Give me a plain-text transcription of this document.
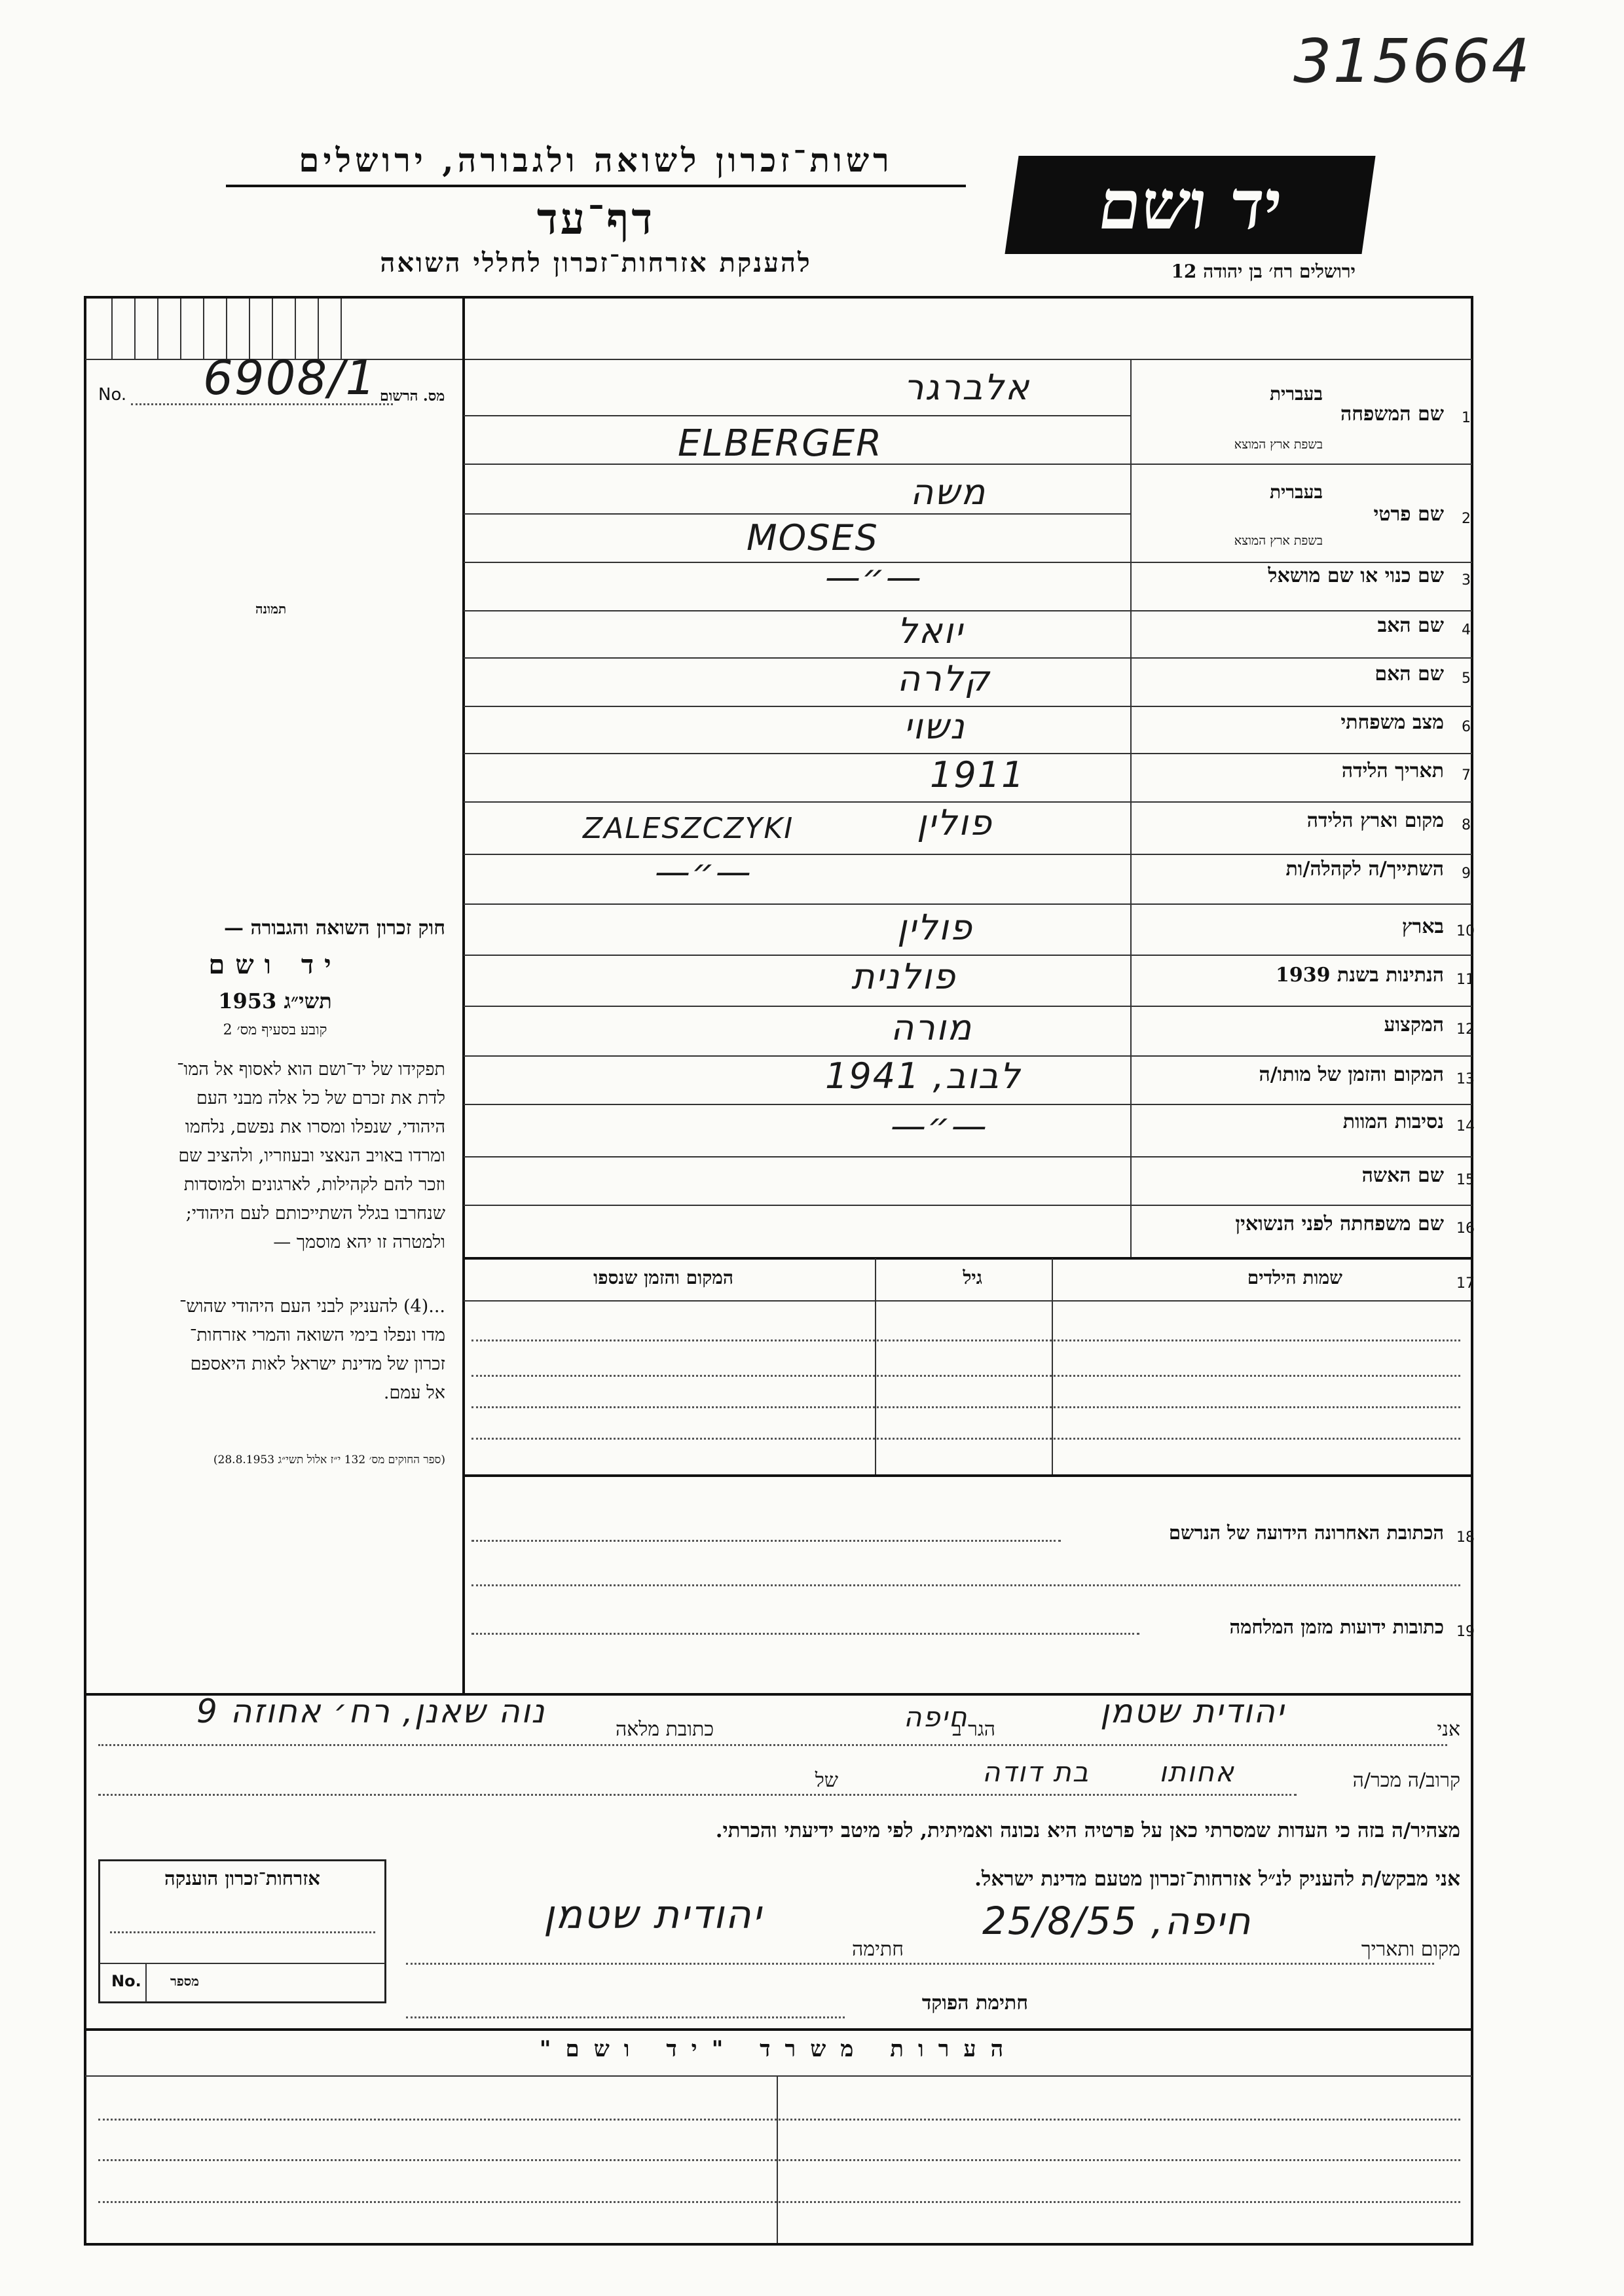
315664
רשות־זכרון לשואה ולגבורה, ירושלים
דף־עד
להענקת אזרחות־זכרון לחללי השואה
יד ושם
ירושלים רח׳ בן יהודה 12
No.	מס. הרשום
6908/1
תמונה
1
שם המשפחה
בעברית
בשפת ארץ המוצא
אלברגר
ELBERGER
2
שם פרטי
בעברית
בשפת ארץ המוצא
משה
MOSES
3
שם כנוי או שם מושאל
—״—
4
שם האב
יואל
5
שם האם
קלרה
6
מצב משפחתי
נשוי
7
תאריך הלידה
1911
8
מקום וארץ הלידה
פולין
ZALESZCZYKI
9
השתייך/ה לקהלה/ות
—״—
10
בארץ
פולין
11
הנתינות בשנת 1939
פולנית
12
המקצוע
מורה
13
המקום והזמן של מותו/ה
לבוב, 1941
14
נסיבות המוות
—״—
15
שם האשה
16
שם משפחתה לפני הנשואין
17
שמות הילדים
גיל
המקום והזמן שנספו
18
הכתובת האחרונה הידועה של הנרשם
19
כתובות ידועות מזמן המלחמה
חוק זכרון השואה והגבורה —
יד ושם
תשי״ג 1953
קובע בסעיף מס׳ 2
תפקידו של יד־ושם הוא לאסוף אל המו־
לדת את זכרם של כל אלה מבני העם
היהודי, שנפלו ומסרו את נפשם, נלחמו
ומרדו באויב הנאצי ובעוזריו, ולהציב שם
וזכר להם לקהילות, לארגונים ולמוסדות
שנחרבו בגלל השתייכותם לעם היהודי;
ולמטרה זו יהא מוסמך —
...(4) להעניק לבני העם היהודי שהוש־
מדו ונפלו בימי השואה והמרי אזרחות־
זכרון של מדינת ישראל לאות היאספם
אל עמם.
(ספר החוקים מס׳ 132 י״ז אלול תשי״ג 28.8.1953)
אני
יהודית שטמן
הגר ב
חיפה
כתובת מלאה
נוה שאנן, רח׳ אחוזה 9
קרוב/ה מכר/ה
אחותו
בת דודה
של
מצהיר/ה בזה כי העדות שמסרתי כאן על פרטיה היא נכונה ואמיתית, לפי מיטב ידיעתי והכרתי.
אני מבקש/ת להעניק לנ״ל אזרחות־זכרון מטעם מדינת ישראל.
מקום ותאריך
חיפה, 25/8/55
חתימה
יהודית שטמן
חתימת הפוקד
אזרחות־זכרון הוענקה
No. מספר
הערות משרד "יד ושם"
